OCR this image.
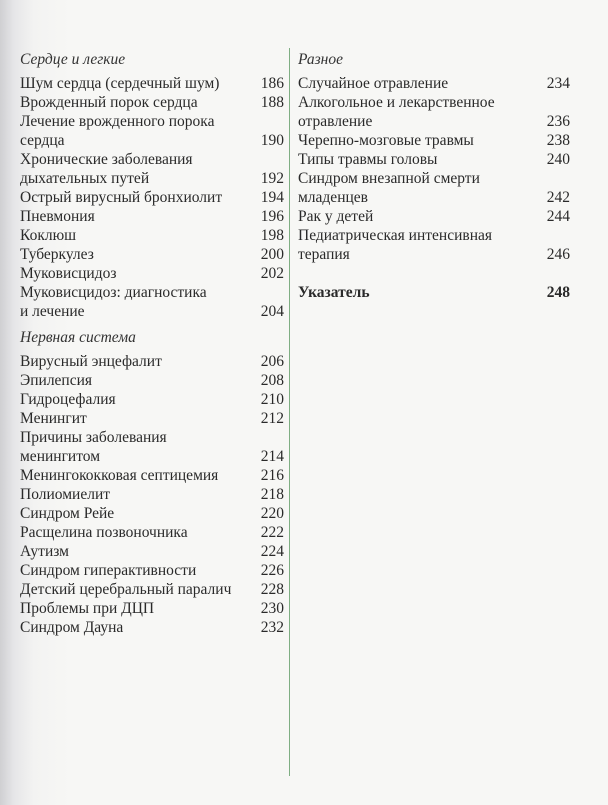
Сердце и легкие
Шум сердца (сердечный шум)	186
Врожденный порок сердца	188
Лечение врожденного порока
сердца	190
Хронические заболевания
дыхательных путей	192
Острый вирусный бронхиолит	194
Пневмония	196
Коклюш	198
Туберкулез	200
Муковисцидоз	202
Муковисцидоз: диагностика
и лечение	204
Нервная система
Вирусный энцефалит	206
Эпилепсия	208
Гидроцефалия	210
Менингит	212
Причины заболевания
менингитом	214
Менингококковая септицемия	216
Полиомиелит	218
Синдром Рейе	220
Расщелина позвоночника	222
Аутизм	224
Синдром гиперактивности	226
Детский церебральный паралич	228
Проблемы при ДЦП	230
Синдром Дауна	232
Разное
Случайное отравление	234
Алкогольное и лекарственное
отравление	236
Черепно-мозговые травмы	238
Типы травмы головы	240
Синдром внезапной смерти
младенцев	242
Рак у детей	244
Педиатрическая интенсивная
терапия	246
Указатель	248
